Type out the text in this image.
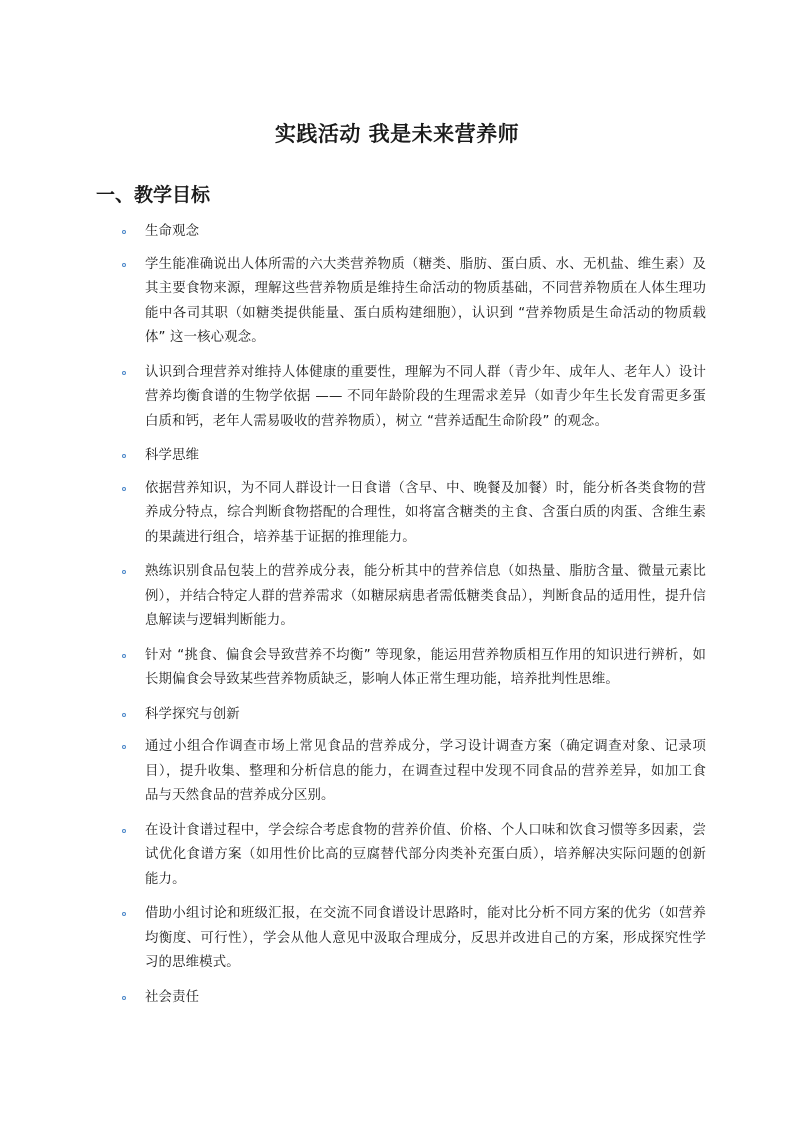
实践活动 我是未来营养师
一、教学目标
生命观念
学生能准确说出人体所需的六大类营养物质（糖类、脂肪、蛋白质、水、无机盐、维生素）及其主要食物来源，理解这些营养物质是维持生命活动的物质基础，不同营养物质在人体生理功能中各司其职（如糖类提供能量、蛋白质构建细胞），认识到 “营养物质是生命活动的物质载体” 这一核心观念。
认识到合理营养对维持人体健康的重要性，理解为不同人群（青少年、成年人、老年人）设计营养均衡食谱的生物学依据 —— 不同年龄阶段的生理需求差异（如青少年生长发育需更多蛋白质和钙，老年人需易吸收的营养物质），树立 “营养适配生命阶段” 的观念。
科学思维
依据营养知识，为不同人群设计一日食谱（含早、中、晚餐及加餐）时，能分析各类食物的营养成分特点，综合判断食物搭配的合理性，如将富含糖类的主食、含蛋白质的肉蛋、含维生素的果蔬进行组合，培养基于证据的推理能力。
熟练识别食品包装上的营养成分表，能分析其中的营养信息（如热量、脂肪含量、微量元素比例），并结合特定人群的营养需求（如糖尿病患者需低糖类食品），判断食品的适用性，提升信息解读与逻辑判断能力。
针对 “挑食、偏食会导致营养不均衡” 等现象，能运用营养物质相互作用的知识进行辨析，如长期偏食会导致某些营养物质缺乏，影响人体正常生理功能，培养批判性思维。
科学探究与创新
通过小组合作调查市场上常见食品的营养成分，学习设计调查方案（确定调查对象、记录项目），提升收集、整理和分析信息的能力，在调查过程中发现不同食品的营养差异，如加工食品与天然食品的营养成分区别。
在设计食谱过程中，学会综合考虑食物的营养价值、价格、个人口味和饮食习惯等多因素，尝试优化食谱方案（如用性价比高的豆腐替代部分肉类补充蛋白质），培养解决实际问题的创新能力。
借助小组讨论和班级汇报，在交流不同食谱设计思路时，能对比分析不同方案的优劣（如营养均衡度、可行性），学会从他人意见中汲取合理成分，反思并改进自己的方案，形成探究性学习的思维模式。
社会责任
